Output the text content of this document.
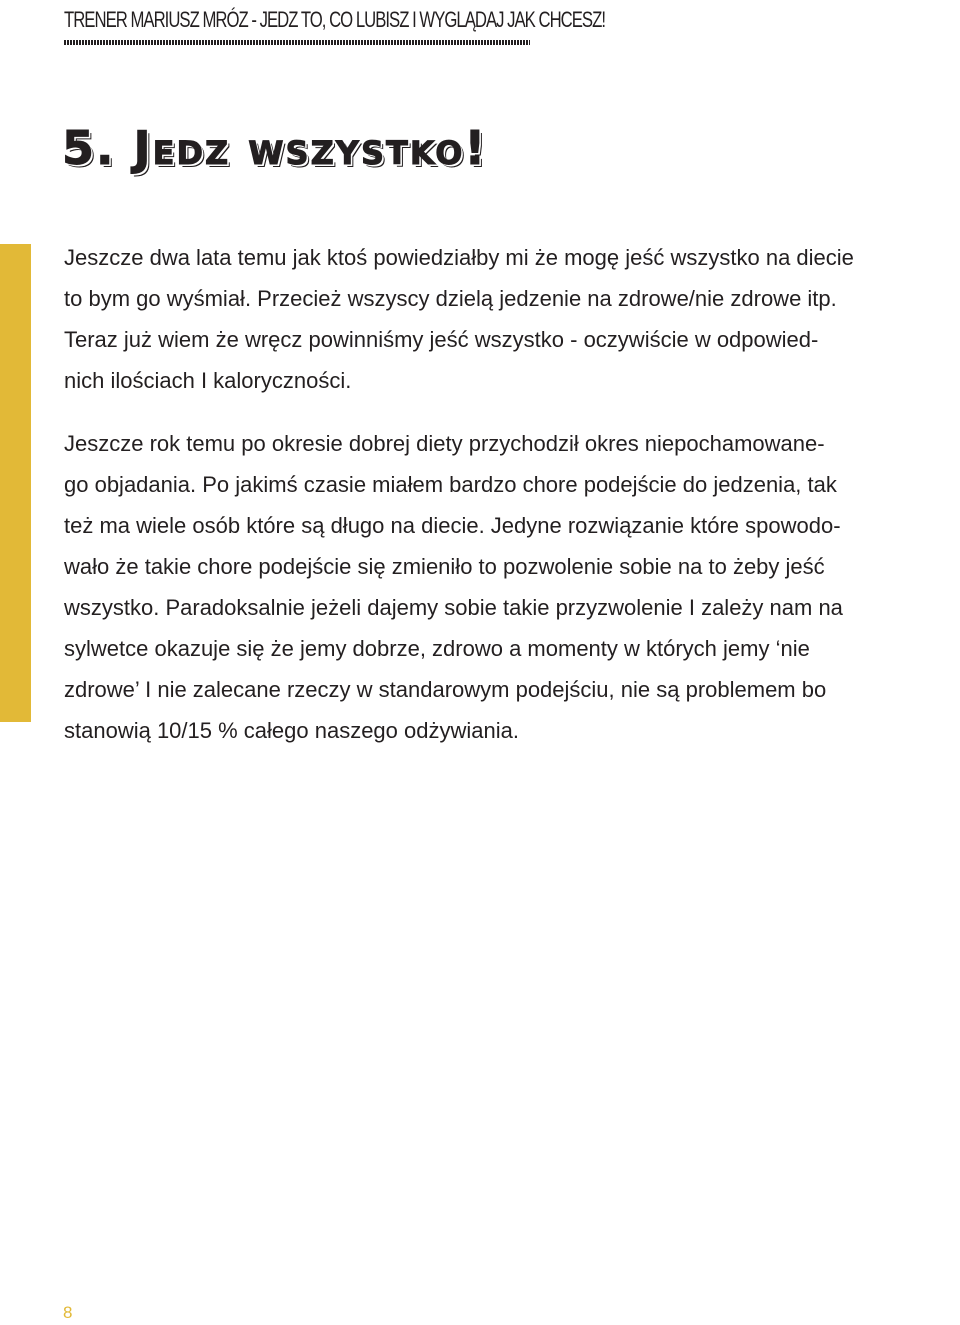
TRENER MARIUSZ MRÓZ - JEDZ TO, CO LUBISZ I WYGLĄDAJ JAK CHCESZ!
5. Jedz wszystko!

Jeszcze dwa lata temu jak ktoś powiedziałby mi że mogę jeść wszystko na diecie
to bym go wyśmiał. Przecież wszyscy dzielą jedzenie na zdrowe/nie zdrowe itp.
Teraz już wiem że wręcz powinniśmy jeść wszystko - oczywiście w odpowied-
nich ilościach I kaloryczności.

Jeszcze rok temu po okresie dobrej diety przychodził okres niepochamowane-
go objadania. Po jakimś czasie miałem bardzo chore podejście do jedzenia, tak
też ma wiele osób które są długo na diecie. Jedyne rozwiązanie które spowodo-
wało że takie chore podejście się zmieniło to pozwolenie sobie na to żeby jeść
wszystko. Paradoksalnie jeżeli dajemy sobie takie przyzwolenie I zależy nam na
sylwetce okazuje się że jemy dobrze, zdrowo a momenty w których jemy ‘nie
zdrowe’ I nie zalecane rzeczy w standarowym podejściu, nie są problemem bo
stanowią 10/15 % całego naszego odżywiania.

8
